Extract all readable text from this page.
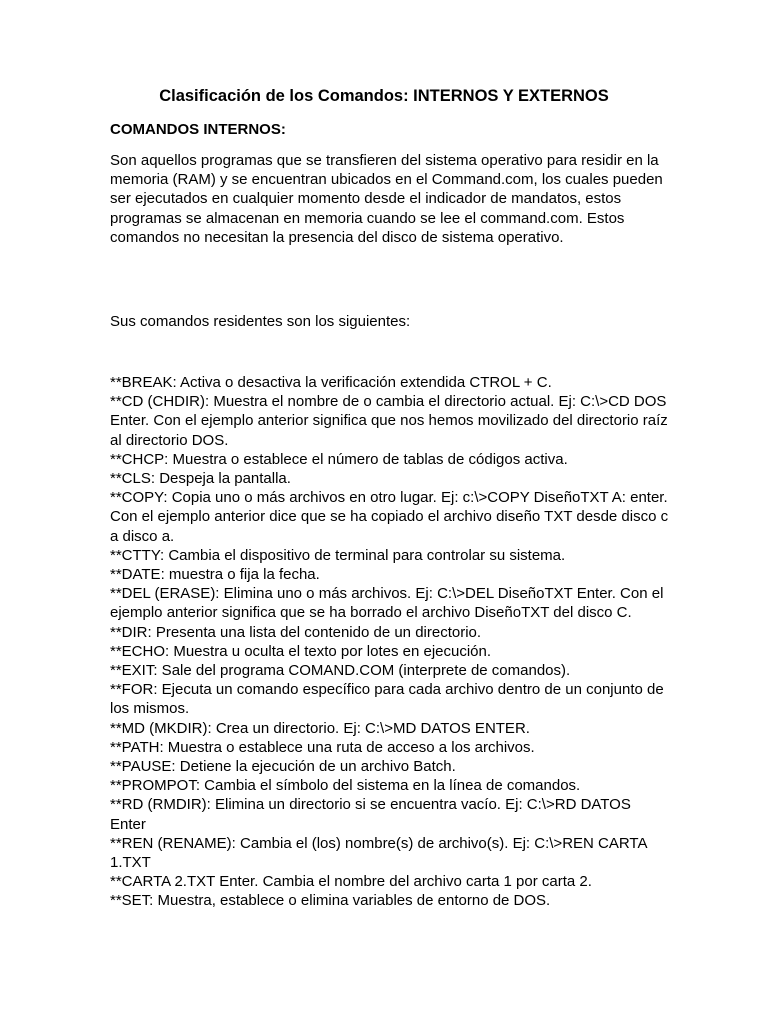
Clasificación de los Comandos: INTERNOS Y EXTERNOS
COMANDOS INTERNOS:

Son aquellos programas que se transfieren del sistema operativo para residir en la memoria (RAM) y se encuentran ubicados en el Command.com, los cuales pueden ser ejecutados en cualquier momento desde el indicador de mandatos, estos programas se almacenan en memoria cuando se lee el command.com. Estos comandos no necesitan la presencia del disco de sistema operativo.

Sus comandos residentes son los siguientes:

**BREAK: Activa o desactiva la verificación extendida CTROL + C.
**CD (CHDIR): Muestra el nombre de o cambia el directorio actual. Ej: C:\>CD DOS Enter. Con el ejemplo anterior significa que nos hemos movilizado del directorio raíz al directorio DOS.
**CHCP: Muestra o establece el número de tablas de códigos activa.
**CLS: Despeja la pantalla.
**COPY: Copia uno o más archivos en otro lugar. Ej: c:\>COPY DiseñoTXT A: enter. Con el ejemplo anterior dice que se ha copiado el archivo diseño TXT desde disco c a disco a.
**CTTY: Cambia el dispositivo de terminal para controlar su sistema.
**DATE: muestra o fija la fecha.
**DEL (ERASE): Elimina uno o más archivos. Ej: C:\>DEL DiseñoTXT Enter. Con el ejemplo anterior significa que se ha borrado el archivo DiseñoTXT del disco C.
**DIR: Presenta una lista del contenido de un directorio.
**ECHO: Muestra u oculta el texto por lotes en ejecución.
**EXIT: Sale del programa COMAND.COM (interprete de comandos).
**FOR: Ejecuta un comando específico para cada archivo dentro de un conjunto de los mismos.
**MD (MKDIR): Crea un directorio. Ej: C:\>MD DATOS ENTER.
**PATH: Muestra o establece una ruta de acceso a los archivos.
**PAUSE: Detiene la ejecución de un archivo Batch.
**PROMPOT: Cambia el símbolo del sistema en la línea de comandos.
**RD (RMDIR): Elimina un directorio si se encuentra vacío. Ej: C:\>RD DATOS Enter
**REN (RENAME): Cambia el (los) nombre(s) de archivo(s). Ej: C:\>REN CARTA 1.TXT
**CARTA 2.TXT Enter. Cambia el nombre del archivo carta 1 por carta 2.
**SET: Muestra, establece o elimina variables de entorno de DOS.
